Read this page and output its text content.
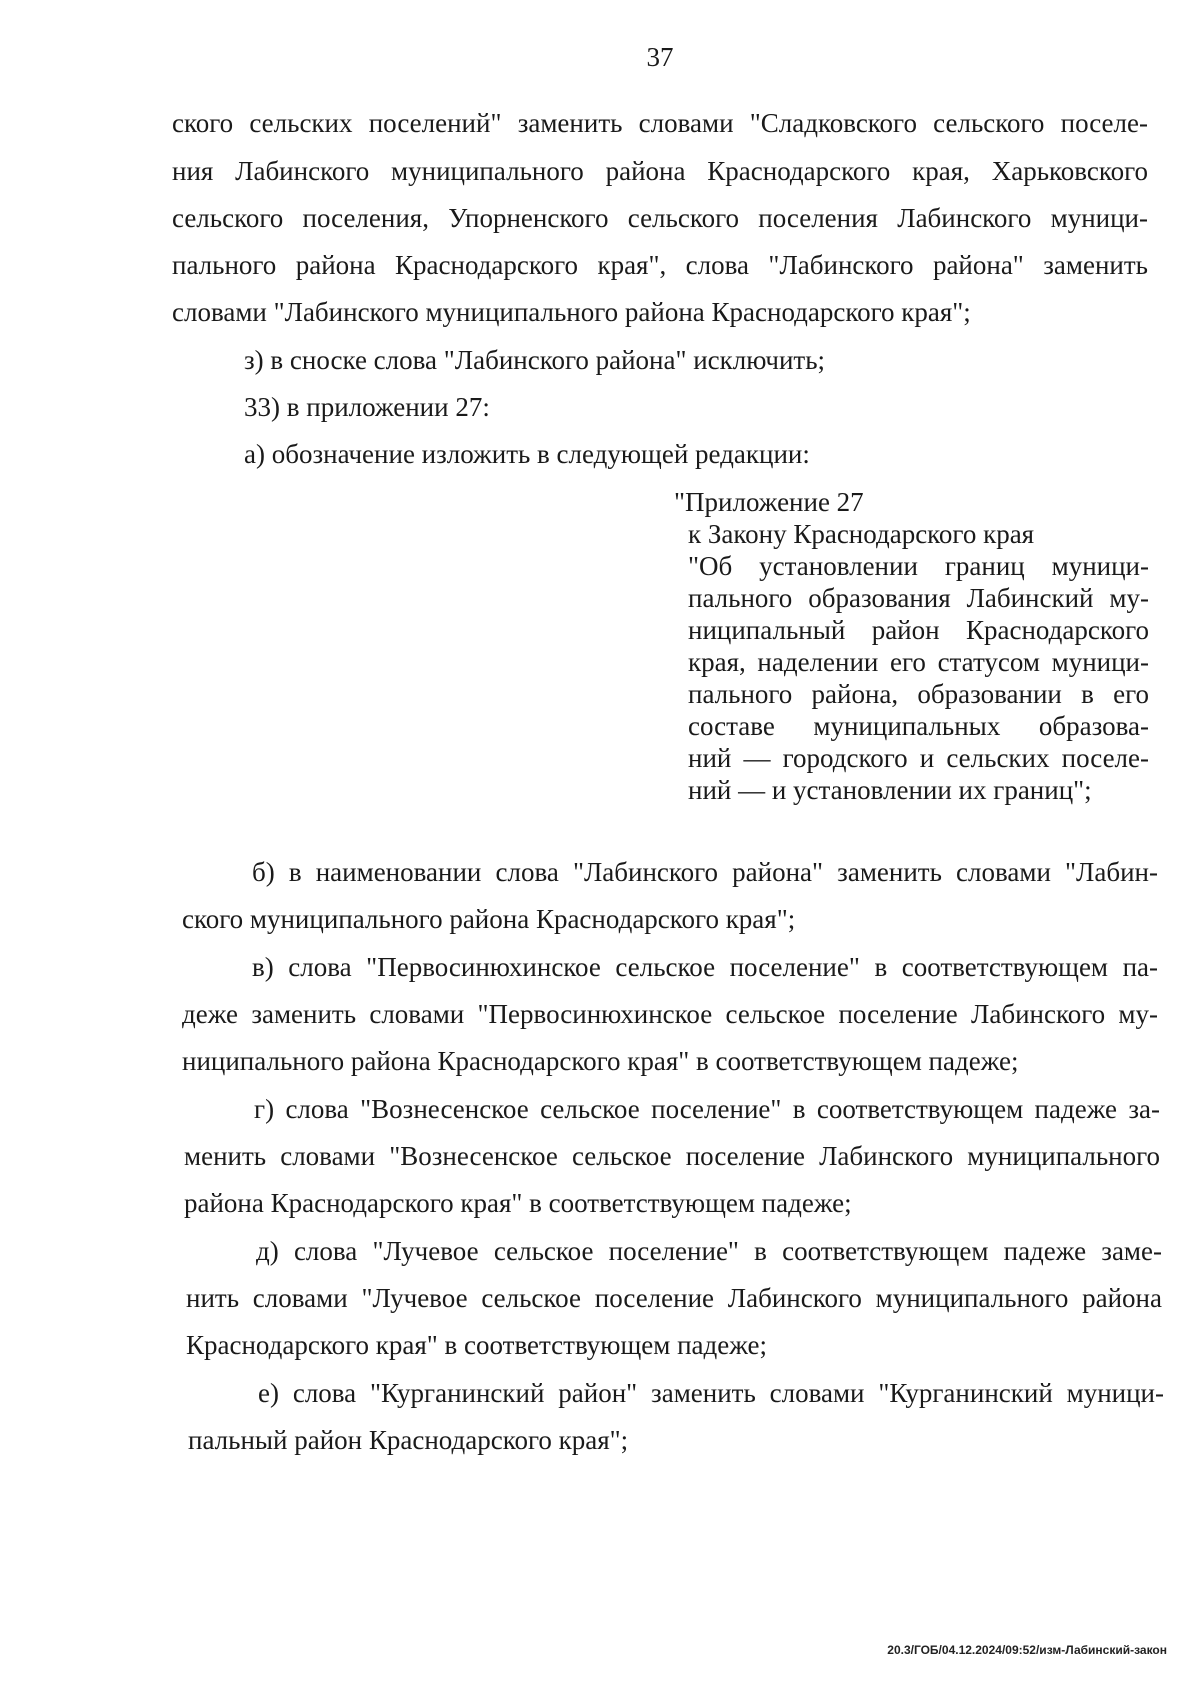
37
ского сельских поселений" заменить словами "Сладковского сельского поселе-
ния Лабинского муниципального района Краснодарского края, Харьковского
сельского поселения, Упорненского сельского поселения Лабинского муници-
пального района Краснодарского края", слова "Лабинского района" заменить
словами "Лабинского муниципального района Краснодарского края";
з) в сноске слова "Лабинского района" исключить;
33) в приложении 27:
а) обозначение изложить в следующей редакции:
"Приложение 27
к Закону Краснодарского края
"Об установлении границ муници-
пального образования Лабинский му-
ниципальный район Краснодарского
края, наделении его статусом муници-
пального района, образовании в его
составе муниципальных образова-
ний — городского и сельских поселе-
ний — и установлении их границ";
б) в наименовании слова "Лабинского района" заменить словами "Лабин-
ского муниципального района Краснодарского края";
в) слова "Первосинюхинское сельское поселение" в соответствующем па-
деже заменить словами "Первосинюхинское сельское поселение Лабинского му-
ниципального района Краснодарского края" в соответствующем падеже;
г) слова "Вознесенское сельское поселение" в соответствующем падеже за-
менить словами "Вознесенское сельское поселение Лабинского муниципального
района Краснодарского края" в соответствующем падеже;
д) слова "Лучевое сельское поселение" в соответствующем падеже заме-
нить словами "Лучевое сельское поселение Лабинского муниципального района
Краснодарского края" в соответствующем падеже;
е) слова "Курганинский район" заменить словами "Курганинский муници-
пальный район Краснодарского края";
20.3/ГОБ/04.12.2024/09:52/изм-Лабинский-закон
